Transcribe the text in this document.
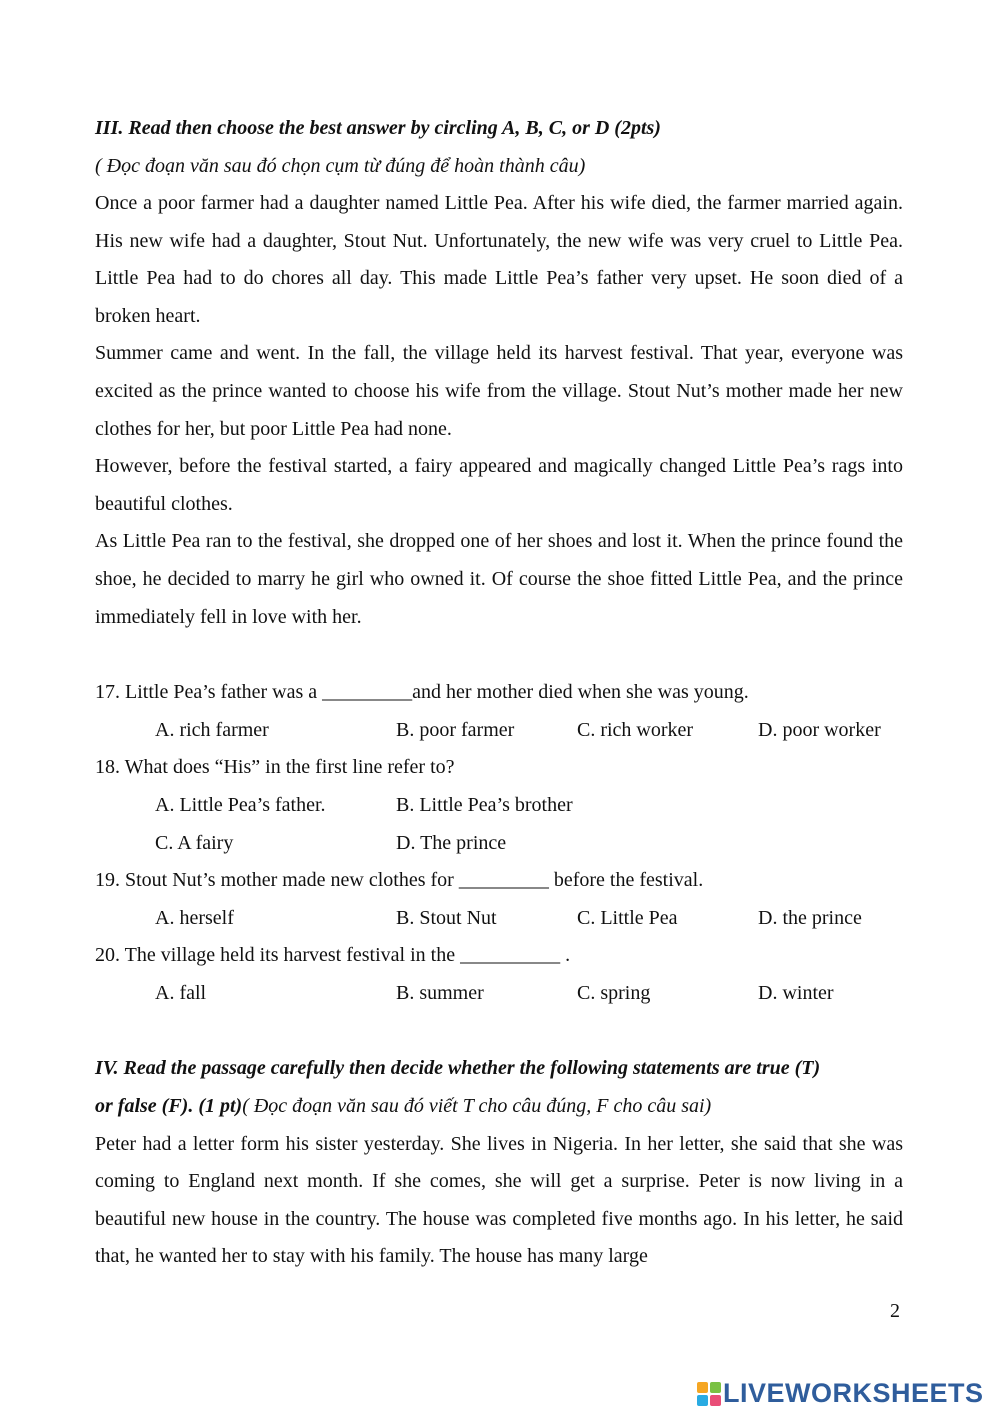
III. Read then choose the best answer by circling A, B, C, or D (2pts)
( Đọc đoạn văn sau đó chọn cụm từ đúng để hoàn thành câu)

Once a poor farmer had a daughter named Little Pea. After his wife died, the farmer married again. His new wife had a daughter, Stout Nut. Unfortunately, the new wife was very cruel to Little Pea. Little Pea had to do chores all day. This made Little Pea’s father very upset. He soon died of a broken heart.

Summer came and went. In the fall, the village held its harvest festival. That year, everyone was excited as the prince wanted to choose his wife from the village. Stout Nut’s mother made her new clothes for her, but poor Little Pea had none.

However, before the festival started, a fairy appeared and magically changed Little Pea’s rags into beautiful clothes.

As Little Pea ran to the festival, she dropped one of her shoes and lost it. When the prince found the shoe, he decided to marry he girl who owned it. Of course the shoe fitted Little Pea, and the prince immediately fell in love with her.

17. Little Pea’s father was a _________and her mother died when she was young.
A. rich farmer	B. poor farmer	C. rich worker	D. poor worker
18. What does “His” in the first line refer to?
A. Little Pea’s father.	B. Little Pea’s brother
C. A fairy	D. The prince
19. Stout Nut’s mother made new clothes for _________ before the festival.
A. herself	B. Stout Nut	C. Little Pea	D. the prince
20. The village held its harvest festival in the __________ .
A. fall	B. summer	C. spring	D. winter
IV. Read the passage carefully then decide whether the following statements are true (T)
or false (F). (1 pt)( Đọc đoạn văn sau đó viết T cho câu đúng, F cho câu sai)

Peter had a letter form his sister yesterday. She lives in Nigeria. In her letter, she said that she was coming to England next month. If she comes, she will get a surprise. Peter is now living in a beautiful new house in the country. The house was completed five months ago. In his letter, he said that, he wanted her to stay with his family. The house has many large

2
LIVEWORKSHEETS
